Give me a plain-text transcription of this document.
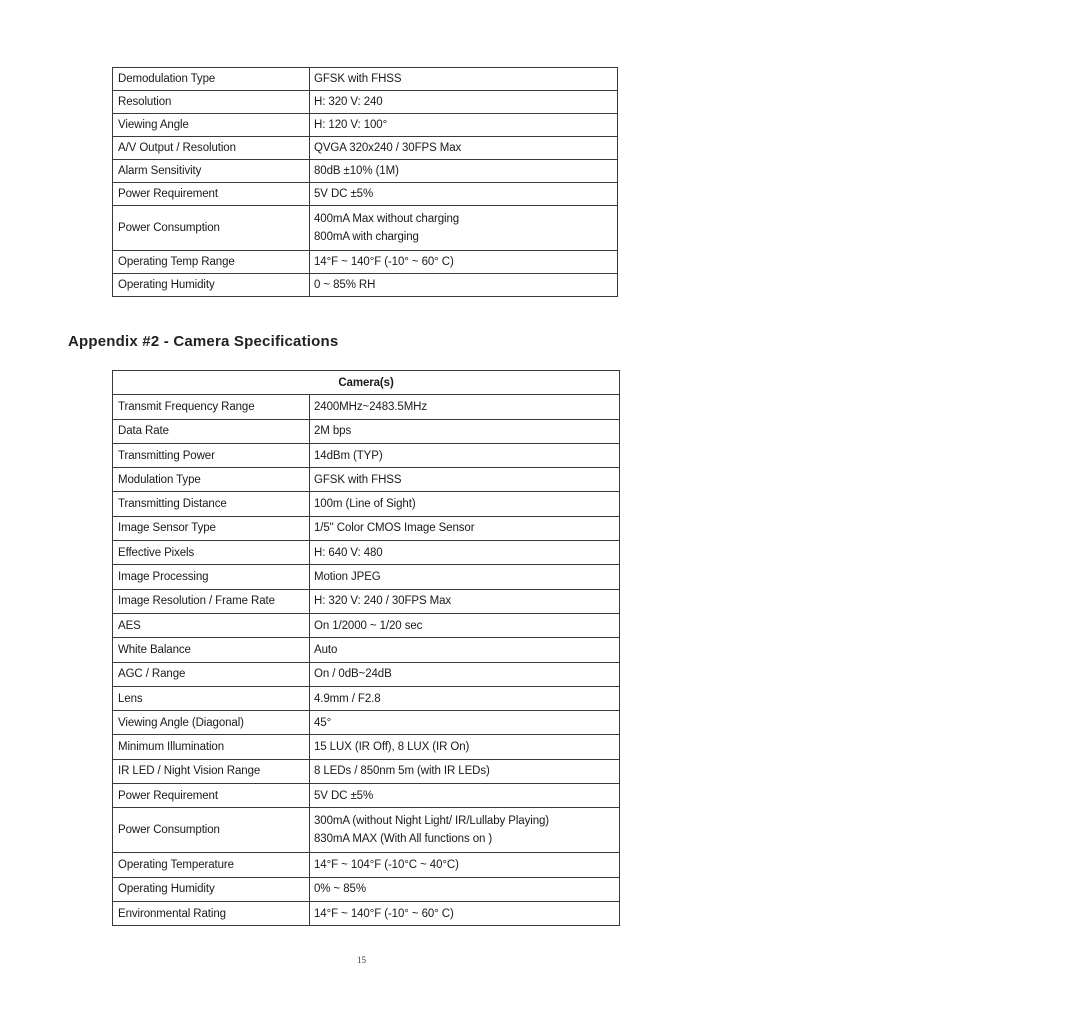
Demodulation Type	GFSK with FHSS
Resolution	H: 320 V: 240
Viewing Angle	H: 120 V: 100°
A/V Output / Resolution	QVGA 320x240 / 30FPS Max
Alarm Sensitivity	80dB ±10% (1M)
Power Requirement	5V DC ±5%
Power Consumption	400mA Max without charging
800mA with charging

Operating Temp Range	14°F ~ 140°F (-10° ~ 60° C)
Operating Humidity	0 ~ 85% RH
Appendix #2 - Camera Specifications
Camera(s)	
Transmit Frequency Range	2400MHz~2483.5MHz
Data Rate	2M bps
Transmitting Power	14dBm (TYP)
Modulation Type	GFSK with FHSS
Transmitting Distance	100m (Line of Sight)
Image Sensor Type	1/5" Color CMOS Image Sensor
Effective Pixels	H: 640 V: 480
Image Processing	Motion JPEG
Image Resolution / Frame Rate	H: 320 V: 240 / 30FPS Max
AES	On 1/2000 ~ 1/20 sec
White Balance	Auto
AGC / Range	On / 0dB~24dB
Lens	4.9mm / F2.8
Viewing Angle (Diagonal)	45°
Minimum Illumination	15 LUX (IR Off), 8 LUX (IR On)
IR LED / Night Vision Range	8 LEDs / 850nm 5m (with IR LEDs)
Power Requirement	5V DC ±5%
Power Consumption	300mA (without Night Light/ IR/Lullaby Playing)
830mA MAX (With All functions on )

Operating Temperature	14°F ~ 104°F (-10°C ~ 40°C)
Operating Humidity	0% ~ 85%
Environmental Rating	14°F ~ 140°F (-10° ~ 60° C)
15
